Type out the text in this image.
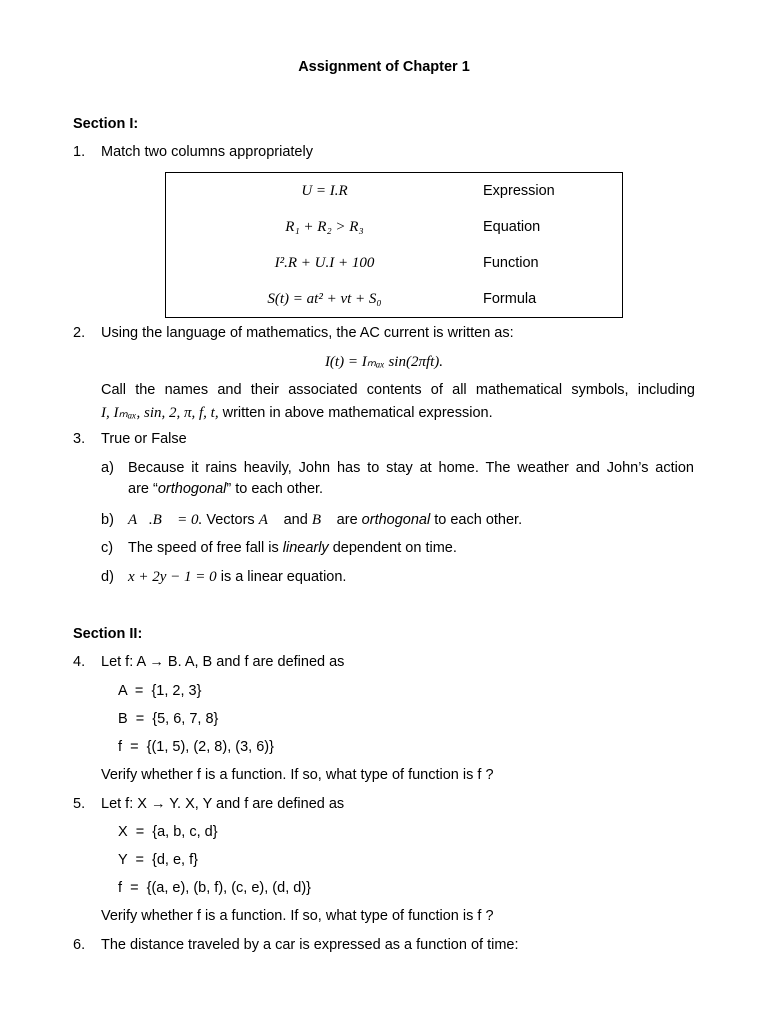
Assignment of Chapter 1
Section I:
1. Match two columns appropriately
U = I.R	Expression
R₁ + R₂ > R₃	Equation
I².R + U.I + 100	Function
S(t) = at² + vt + S₀	Formula
2. Using the language of mathematics, the AC current is written as:
I(t) = Iₘₐₓ sin(2πft).
Call the names and their associated contents of all mathematical symbols, including
I, Iₘₐₓ, sin, 2, π, f, t, written in above mathematical expression.
3. True or False
a) Because it rains heavily, John has to stay at home. The weather and John’s action
are “orthogonal” to each other.
b) A⃗.B⃗ = 0. Vectors A⃗ and B⃗ are orthogonal to each other.
c) The speed of free fall is linearly dependent on time.
d) x + 2y − 1 = 0 is a linear equation.
Section II:
4. Let f: A → B. A, B and f are defined as
A  =  {1, 2, 3}
B  =  {5, 6, 7, 8}
f  =  {(1, 5), (2, 8), (3, 6)}
Verify whether f is a function. If so, what type of function is f ?
5. Let f: X → Y. X, Y and f are defined as
X  =  {a, b, c, d}
Y  =  {d, e, f}
f  =  {(a, e), (b, f), (c, e), (d, d)}
Verify whether f is a function. If so, what type of function is f ?
6. The distance traveled by a car is expressed as a function of time:
